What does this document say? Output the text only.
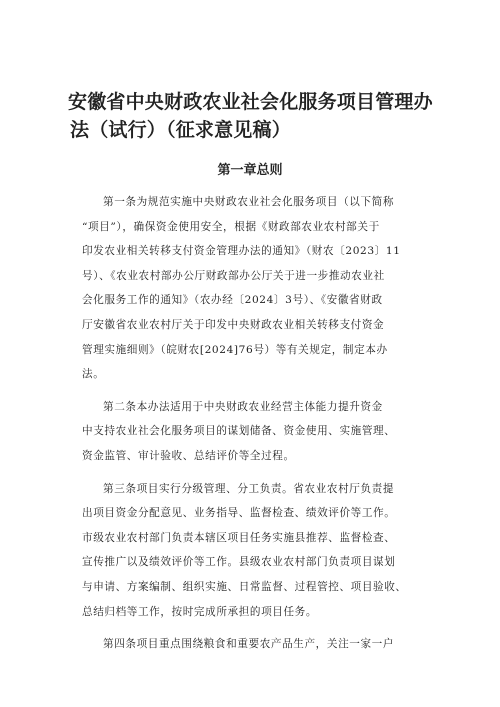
安徽省中央财政农业社会化服务项目管理办
法（试行）（征求意见稿）
第一章总则
第一条为规范实施中央财政农业社会化服务项目（以下简称
“项目”），确保资金使用安全，根据《财政部农业农村部关于
印发农业相关转移支付资金管理办法的通知》（财农〔2023〕11
号）、《农业农村部办公厅财政部办公厅关于进一步推动农业社
会化服务工作的通知》（农办经〔2024〕3号）、《安徽省财政
厅安徽省农业农村厅关于印发中央财政农业相关转移支付资金
管理实施细则》（皖财农[2024]76号）等有关规定，制定本办
法。
第二条本办法适用于中央财政农业经营主体能力提升资金
中支持农业社会化服务项目的谋划储备、资金使用、实施管理、
资金监管、审计验收、总结评价等全过程。
第三条项目实行分级管理、分工负责。省农业农村厅负责提
出项目资金分配意见、业务指导、监督检查、绩效评价等工作。
市级农业农村部门负责本辖区项目任务实施县推荐、监督检查、
宣传推广以及绩效评价等工作。县级农业农村部门负责项目谋划
与申请、方案编制、组织实施、日常监督、过程管控、项目验收、
总结归档等工作，按时完成所承担的项目任务。
第四条项目重点围绕粮食和重要农产品生产，关注一家一户
